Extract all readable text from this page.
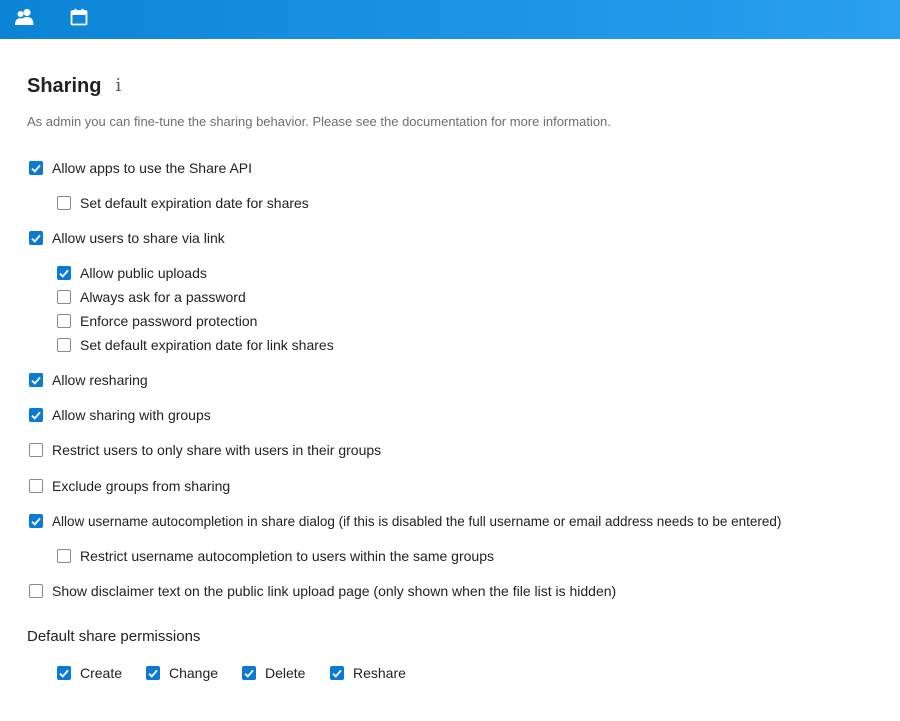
Sharing i
As admin you can fine-tune the sharing behavior. Please see the documentation for more information.
Allow apps to use the Share API
Set default expiration date for shares
Allow users to share via link
Allow public uploads
Always ask for a password
Enforce password protection
Set default expiration date for link shares
Allow resharing
Allow sharing with groups
Restrict users to only share with users in their groups
Exclude groups from sharing
Allow username autocompletion in share dialog (if this is disabled the full username or email address needs to be entered)
Restrict username autocompletion to users within the same groups
Show disclaimer text on the public link upload page (only shown when the file list is hidden)
Default share permissions
Create	Change	Delete	Reshare
